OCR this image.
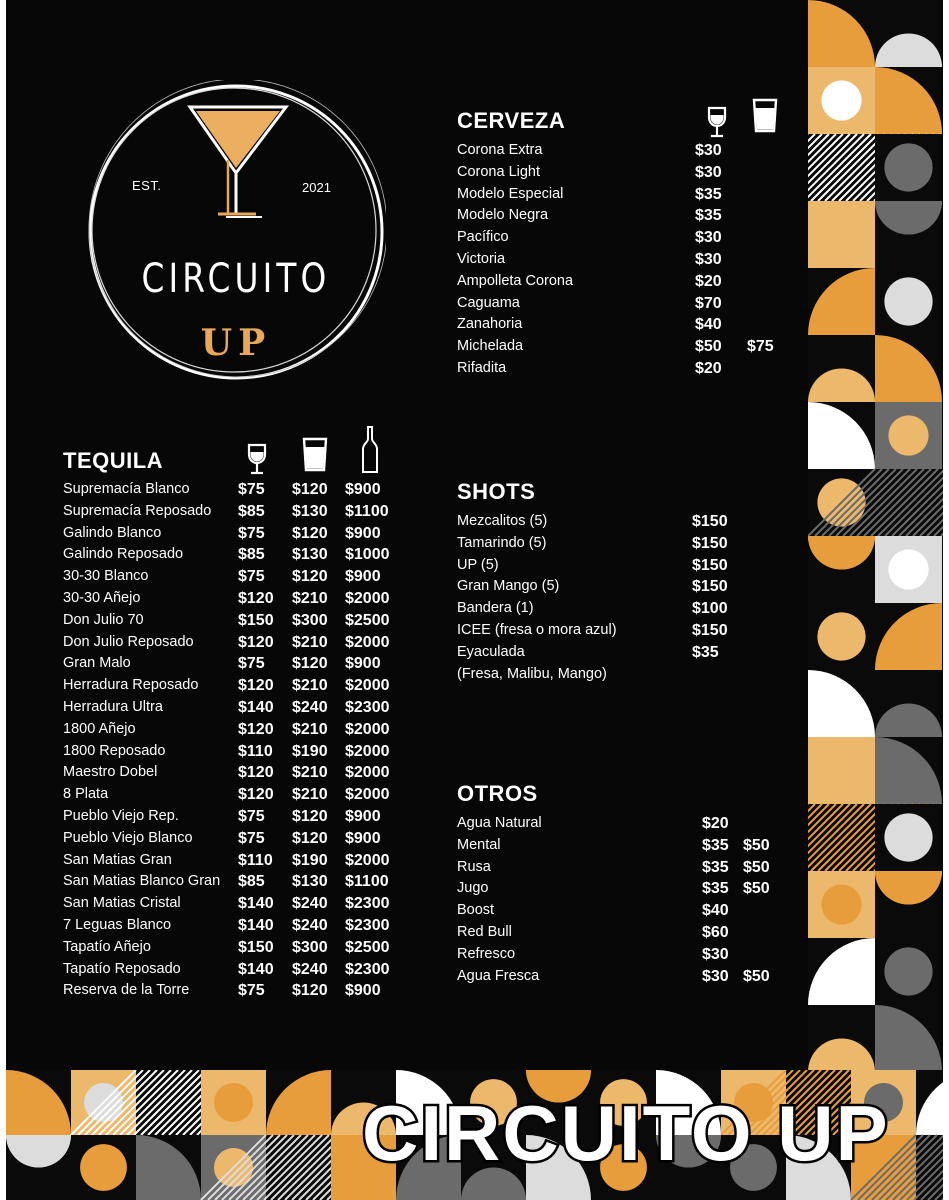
EST.	2021
CIRCUITO
UP
CERVEZA
Corona Extra	$30
Corona Light	$30
Modelo Especial	$35
Modelo Negra	$35
Pacífico	$30
Victoria	$30
Ampolleta Corona	$20
Caguama	$70
Zanahoria	$40
Michelada	$50 $75
Rifadita	$20
TEQUILA
Supremacía Blanco	$75 $120 $900
Supremacía Reposado $85 $130 $1100
Galindo Blanco	$75 $120 $900
Galindo Reposado	$85 $130 $1000
30-30 Blanco	$75 $120 $900
30-30 Añejo	$120 $210 $2000
Don Julio 70	$150 $300 $2500
Don Julio Reposado	$120 $210 $2000
Gran Malo	$75 $120 $900
Herradura Reposado $120 $210 $2000
Herradura Ultra	$140 $240 $2300
1800 Añejo	$120 $210 $2000
1800 Reposado	$110 $190 $2000
Maestro Dobel	$120 $210 $2000
8 Plata	$120 $210 $2000
Pueblo Viejo Rep.	$75 $120 $900
Pueblo Viejo Blanco	$75 $120 $900
San Matias Gran	$110 $190 $2000
San Matias Blanco Gran $85 $130 $1100
San Matias Cristal	$140 $240 $2300
7 Leguas Blanco	$140 $240 $2300
Tapatío Añejo	$150 $300 $2500
Tapatío Reposado	$140 $240 $2300
Reserva de la Torre	$75 $120 $900
SHOTS
Mezcalitos (5)	$150
Tamarindo (5)	$150
UP (5)	$150
Gran Mango (5)	$150
Bandera (1)	$100
ICEE (fresa o mora azul)	$150
Eyaculada	$35
(Fresa, Malibu, Mango)
OTROS
Agua Natural	$20
Mental	$35 $50
Rusa	$35 $50
Jugo	$35 $50
Boost	$40
Red Bull	$60
Refresco	$30
Agua Fresca	$30 $50
CIRCUITO UP
